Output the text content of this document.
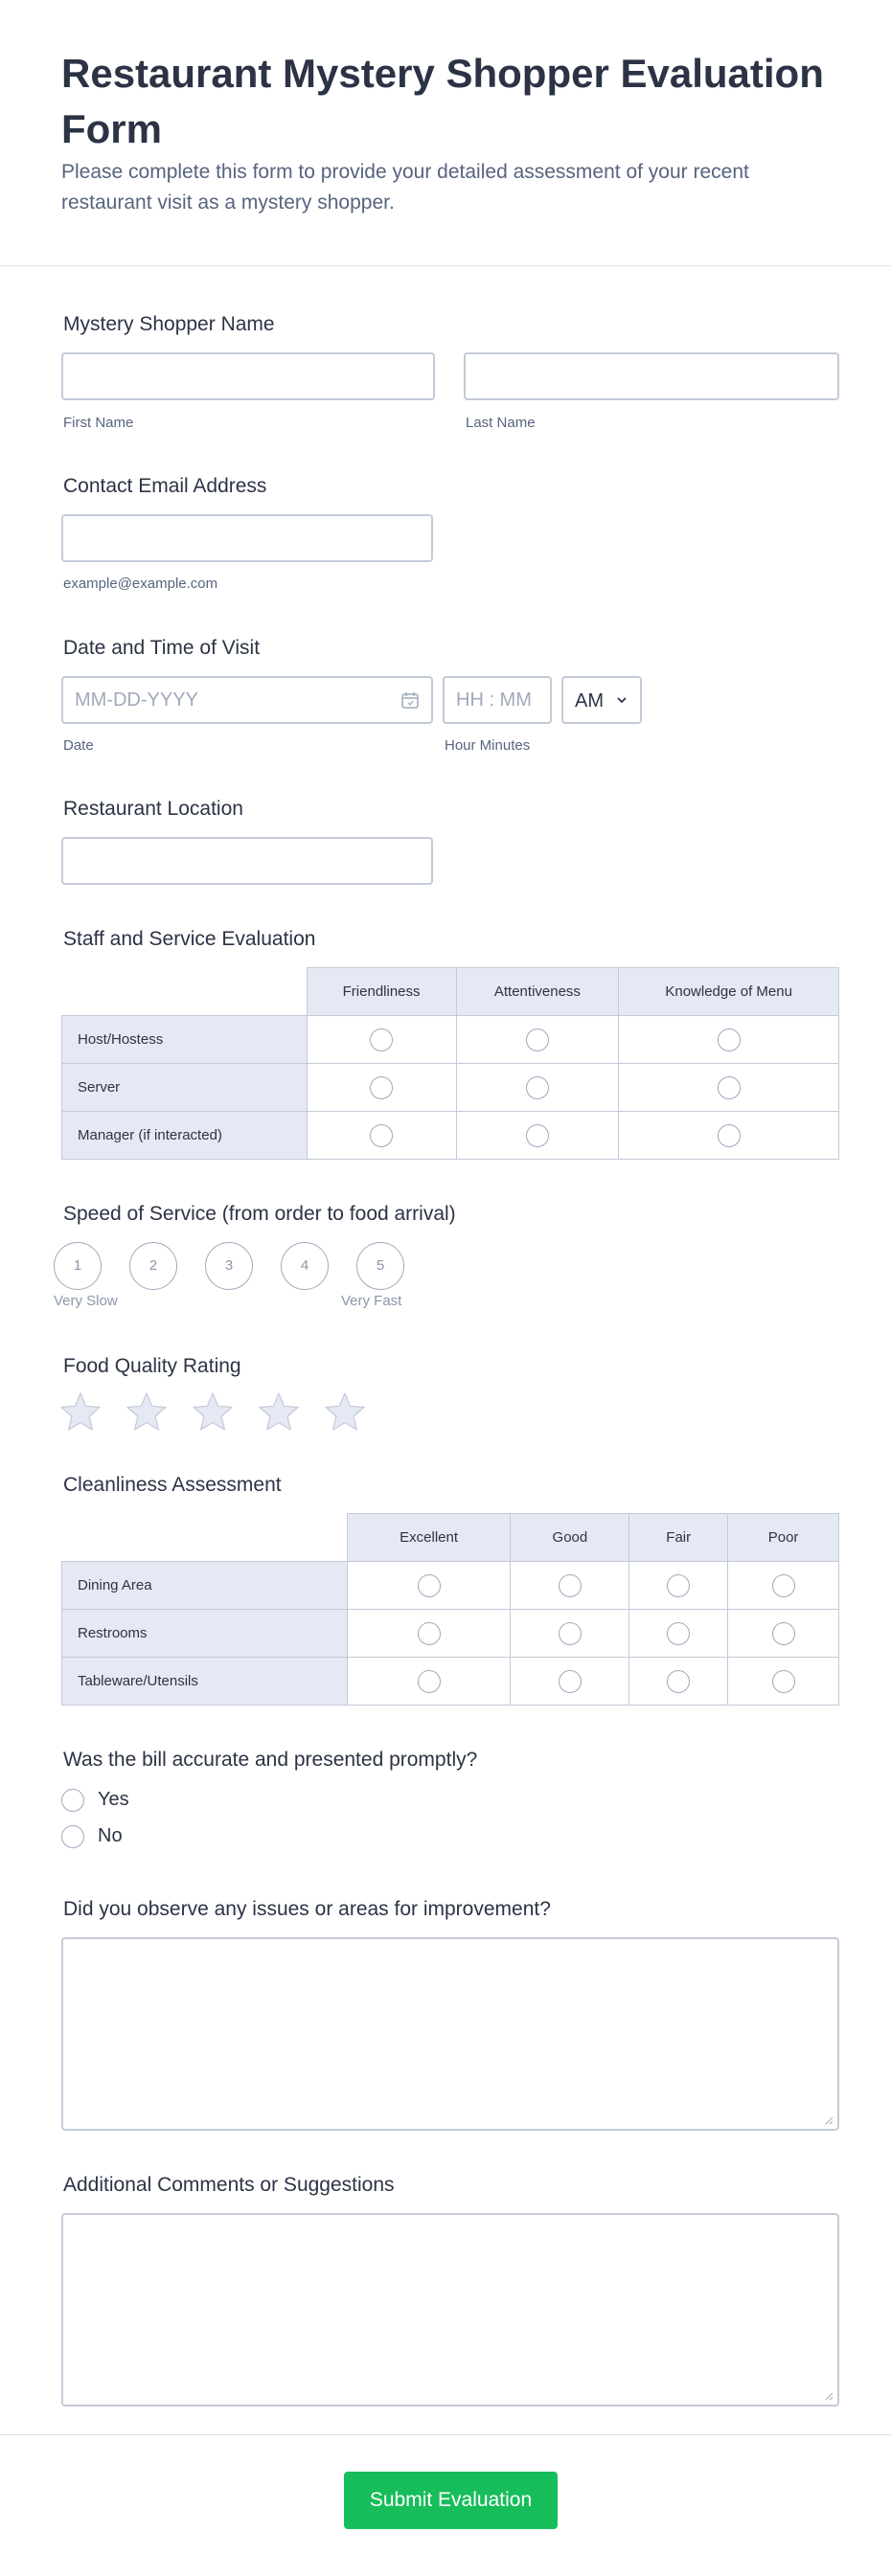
Restaurant Mystery Shopper Evaluation Form

Please complete this form to provide your detailed assessment of your recent restaurant visit as a mystery shopper.

Mystery Shopper Name
First Name	Last Name
Contact Email Address
example@example.com
Date and Time of Visit
MM-DD-YYYY	HH : MM AM
Date	Hour Minutes
Restaurant Location
Staff and Service Evaluation
	Friendliness	Attentiveness	Knowledge of Menu
Host/Hostess			
Server			
Manager (if interacted)			
Speed of Service (from order to food arrival)
1	2	3	4	5
Very Slow	Very Fast
Food Quality Rating
Cleanliness Assessment
	Excellent	Good	Fair	Poor
Dining Area				
Restrooms				
Tableware/Utensils				
Was the bill accurate and presented promptly?
Yes
No
Did you observe any issues or areas for improvement?
Additional Comments or Suggestions
Submit Evaluation
